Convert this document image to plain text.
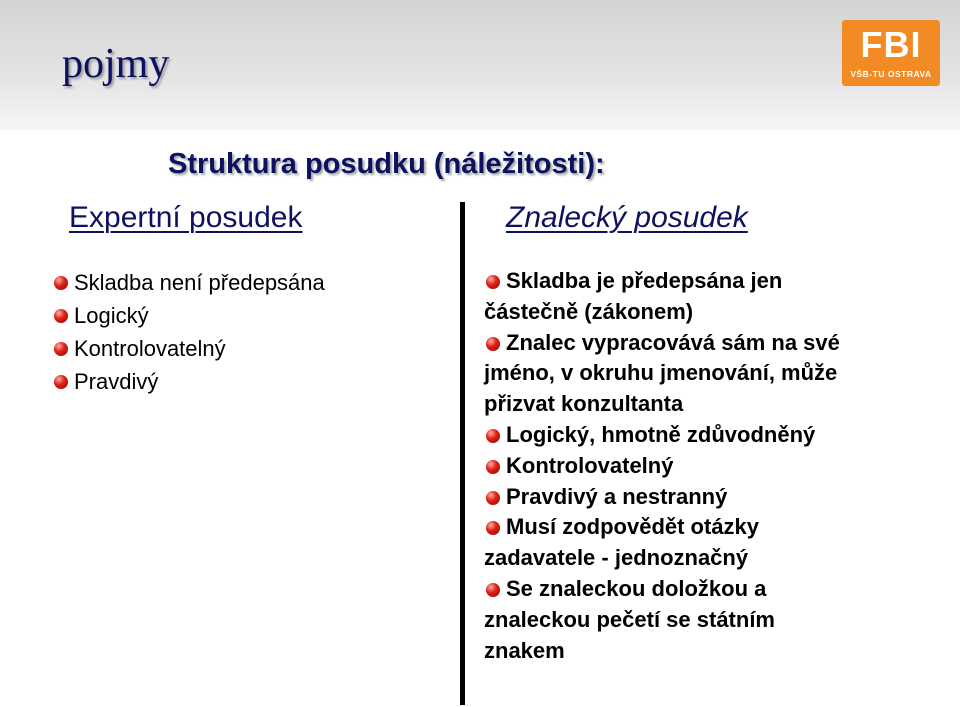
pojmy	FBI
VŠB-TU OSTRAVA
Struktura posudku (náležitosti):
Expertní posudek	Znalecký posudek
Skladba není předepsána
Logický
Kontrolovatelný
Pravdivý
Skladba je předepsána jen
částečně (zákonem)
Znalec vypracovává sám na své
jméno, v okruhu jmenování, může
přizvat konzultanta
Logický, hmotně zdůvodněný
Kontrolovatelný
Pravdivý a nestranný
Musí zodpovědět otázky
zadavatele - jednoznačný
Se znaleckou doložkou a
znaleckou pečetí se státním
znakem
